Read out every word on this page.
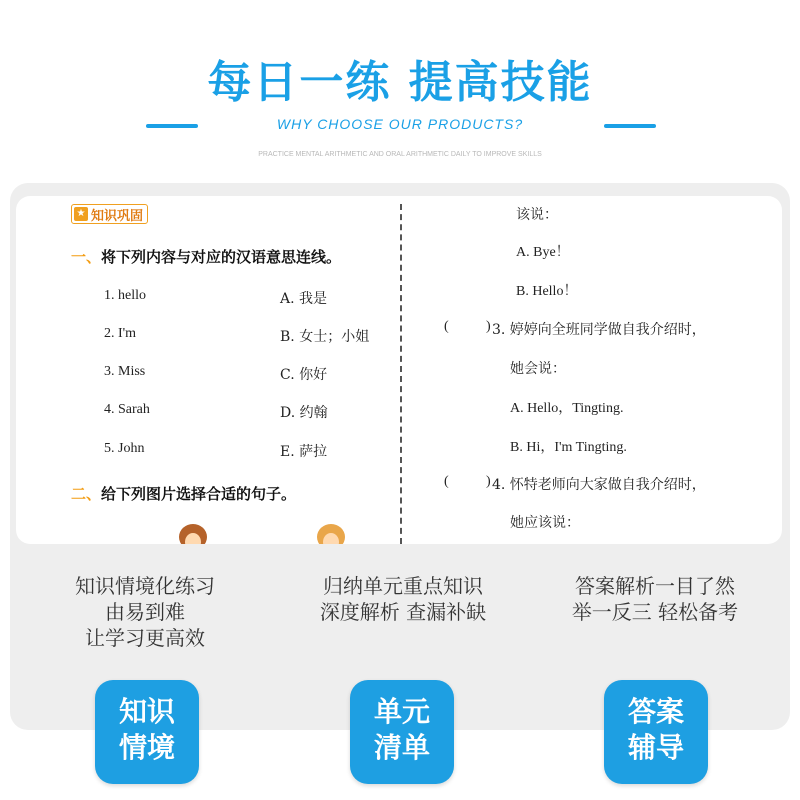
每日一练 提高技能
WHY CHOOSE OUR PRODUCTS?
PRACTICE MENTAL ARITHMETIC AND ORAL ARITHMETIC DAILY TO IMPROVE SKILLS
★ 知识巩固
一、将下列内容与对应的汉语意思连线。
1. hello
2. I'm
3. Miss
4. Sarah
5. John
A. 我是
B. 女士；小姐
C. 你好
D. 约翰
E. 萨拉
二、给下列图片选择合适的句子。
该说：
A. Bye！
B. Hello！
(	) 3. 婷婷向全班同学做自我介绍时，
她会说：
A. Hello，Tingting.
B. Hi，I'm Tingting.
(	) 4. 怀特老师向大家做自我介绍时，
她应该说：
知识情境化练习
由易到难
让学习更高效
归纳单元重点知识
深度解析 查漏补缺
答案解析一目了然
举一反三 轻松备考
知识
情境
单元
清单
答案
辅导
